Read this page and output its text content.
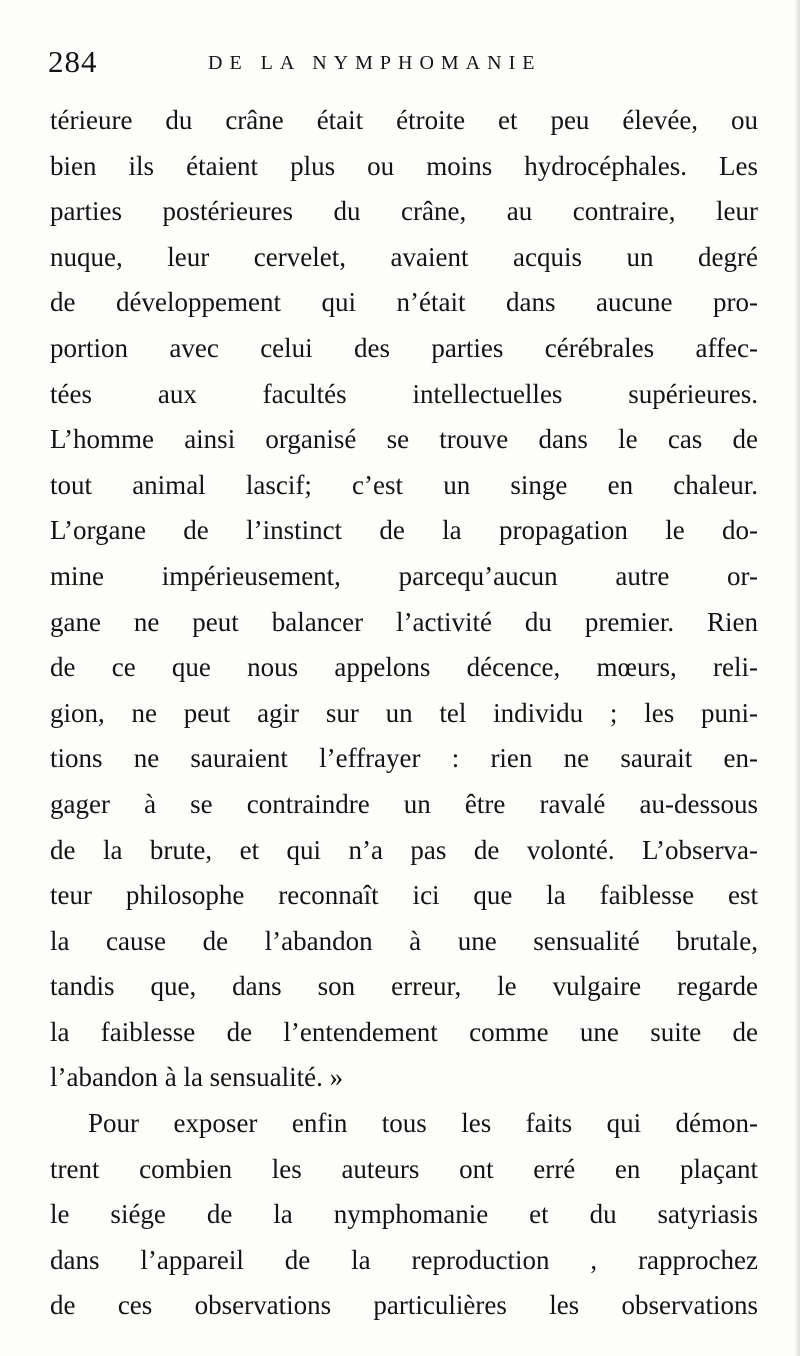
284	DE LA NYMPHOMANIE
térieure du crâne était étroite et peu élevée, ou
bien ils étaient plus ou moins hydrocéphales. Les
parties postérieures du crâne, au contraire, leur
nuque, leur cervelet, avaient acquis un degré
de développement qui n’était dans aucune pro-
portion avec celui des parties cérébrales affec-
tées aux facultés intellectuelles supérieures.
L’homme ainsi organisé se trouve dans le cas de
tout animal lascif; c’est un singe en chaleur.
L’organe de l’instinct de la propagation le do-
mine impérieusement, parcequ’aucun autre or-
gane ne peut balancer l’activité du premier. Rien
de ce que nous appelons décence, mœurs, reli-
gion, ne peut agir sur un tel individu ; les puni-
tions ne sauraient l’effrayer : rien ne saurait en-
gager à se contraindre un être ravalé au-dessous
de la brute, et qui n’a pas de volonté. L’observa-
teur philosophe reconnaît ici que la faiblesse est
la cause de l’abandon à une sensualité brutale,
tandis que, dans son erreur, le vulgaire regarde
la faiblesse de l’entendement comme une suite de
l’abandon à la sensualité. »
Pour exposer enfin tous les faits qui démon-
trent combien les auteurs ont erré en plaçant
le siége de la nymphomanie et du satyriasis
dans l’appareil de la reproduction , rapprochez
de ces observations particulières les observations
